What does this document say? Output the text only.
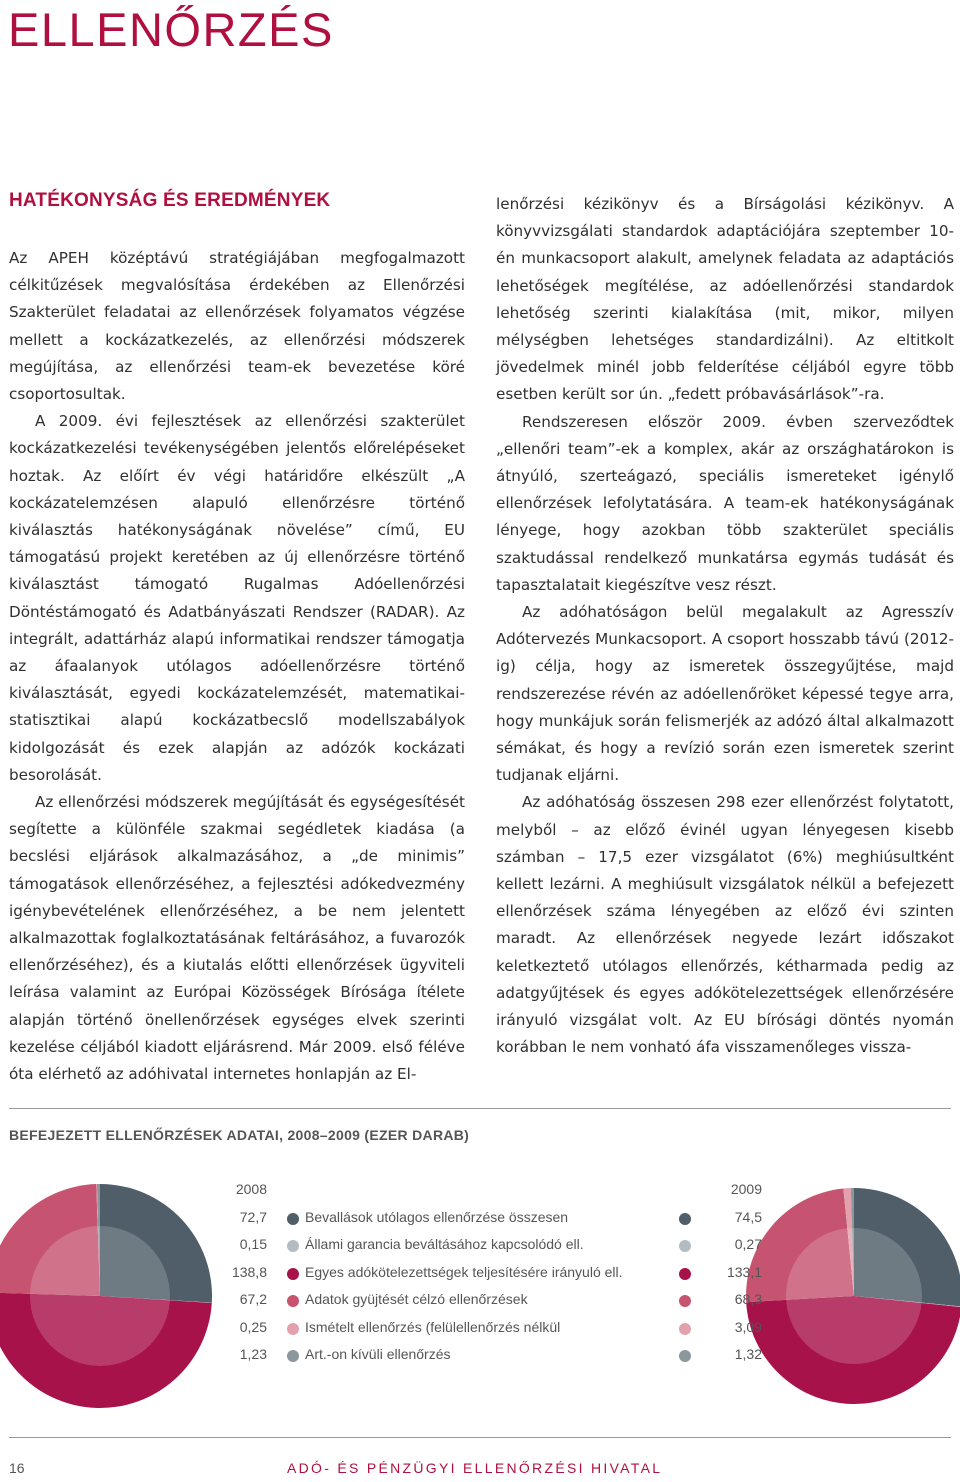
ELLENŐRZÉS
HATÉKONYSÁG ÉS EREDMÉNYEK

Az APEH középtávú stratégiájában megfogalmazott célkitűzések megvalósítása érdekében az Ellenőrzési Szakterület feladatai az ellenőrzések folyamatos végzése mellett a kockázatkezelés, az ellenőrzési módszerek megújítása, az ellenőrzési team-ek bevezetése köré csoportosultak.

A 2009. évi fejlesztések az ellenőrzési szakterület kockázatkezelési tevékenységében jelentős előrelépéseket hoztak. Az előírt év végi határidőre elkészült „A kockázatelemzésen alapuló ellenőrzésre történő kiválasztás hatékonyságának növelése” című, EU támogatású projekt keretében az új ellenőrzésre történő kiválasztást támogató Rugalmas Adóellenőrzési Döntéstámogató és Adatbányászati Rendszer (RADAR). Az integrált, adattárház alapú informatikai rendszer támogatja az áfaalanyok utólagos adóellenőrzésre történő kiválasztását, egyedi kockázatelemzését, matematikai-statisztikai alapú kockázatbecslő modellszabályok kidolgozását és ezek alapján az adózók kockázati besorolását.

Az ellenőrzési módszerek megújítását és egységesítését segítette a különféle szakmai segédletek kiadása (a becslési eljárások alkalmazásához, a „de minimis” támogatások ellenőrzéséhez, a fejlesztési adókedvezmény igénybevételének ellenőrzéséhez, a be nem jelentett alkalmazottak foglalkoztatásának feltárásához, a fuvarozók ellenőrzéséhez), és a kiutalás előtti ellenőrzések ügyviteli leírása valamint az Európai Közösségek Bírósága ítélete alapján történő önellenőrzések egységes elvek szerinti kezelése céljából kiadott eljárásrend. Már 2009. első félévе óta elérhető az adóhivatal internetes honlapján az El-

lenőrzési kézikönyv és a Bírságolási kézikönyv. A könyvvizsgálati standardok adaptációjára szeptember 10-én munkacsoport alakult, amelynek feladata az adaptációs lehetőségek megítélése, az adóellenőrzési standardok lehetőség szerinti kialakítása (mit, mikor, milyen mélységben lehetséges standardizálni). Az eltitkolt jövedelmek minél jobb felderítése céljából egyre több esetben került sor ún. „fedett próbavásárlások”-ra.

Rendszeresen először 2009. évben szerveződtek „ellenőri team”-ek a komplex, akár az országhatárokon is átnyúló, szerteágazó, speciális ismereteket igénylő ellenőrzések lefolytatására. A team-ek hatékonyságának lényege, hogy azokban több szakterület speciális szaktudással rendelkező munkatársa egymás tudását és tapasztalatait kiegészítve vesz részt.

Az adóhatóságon belül megalakult az Agresszív Adótervezés Munkacsoport. A csoport hosszabb távú (2012-ig) célja, hogy az ismeretek összegyűjtése, majd rendszerezése révén az adóellenőröket képessé tegye arra, hogy munkájuk során felismerjék az adózó által alkalmazott sémákat, és hogy a revízió során ezen ismeretek szerint tudjanak eljárni.

Az adóhatóság összesen 298 ezer ellenőrzést folytatott, melyből – az előző évinél ugyan lényegesen kisebb számban – 17,5 ezer vizsgálatot (6%) meghiúsultként kellett lezárni. A meghiúsult vizsgálatok nélkül a befejezett ellenőrzések száma lényegében az előző évi szinten maradt. Az ellenőrzések negyede lezárt időszakot keletkeztető utólagos ellenőrzés, kétharmada pedig az adatgyűjtések és egyes adókötelezettségek ellenőrzésére irányuló vizsgálat volt. Az EU bírósági döntés nyomán korábban le nem vonható áfa visszamenőleges vissza-

BEFEJEZETT ELLENŐRZÉSEK ADATAI, 2008–2009 (EZER DARAB)
2008	2009
72,7	Bevallások utólagos ellenőrzése összesen	74,5
0,15	Állami garancia beváltásához kapcsolódó ell.	0,27
138,8	Egyes adókötelezettségek teljesítésére irányuló ell.	133,1
67,2	Adatok gyüjtését célzó ellenőrzések	68,3
0,25	Ismételt ellenőrzés (felülellenőrzés nélkül	3,09
1,23	Art.-on kívüli ellenőrzés	1,32
16	ADÓ- ÉS PÉNZÜGYI ELLENŐRZÉSI HIVATAL
